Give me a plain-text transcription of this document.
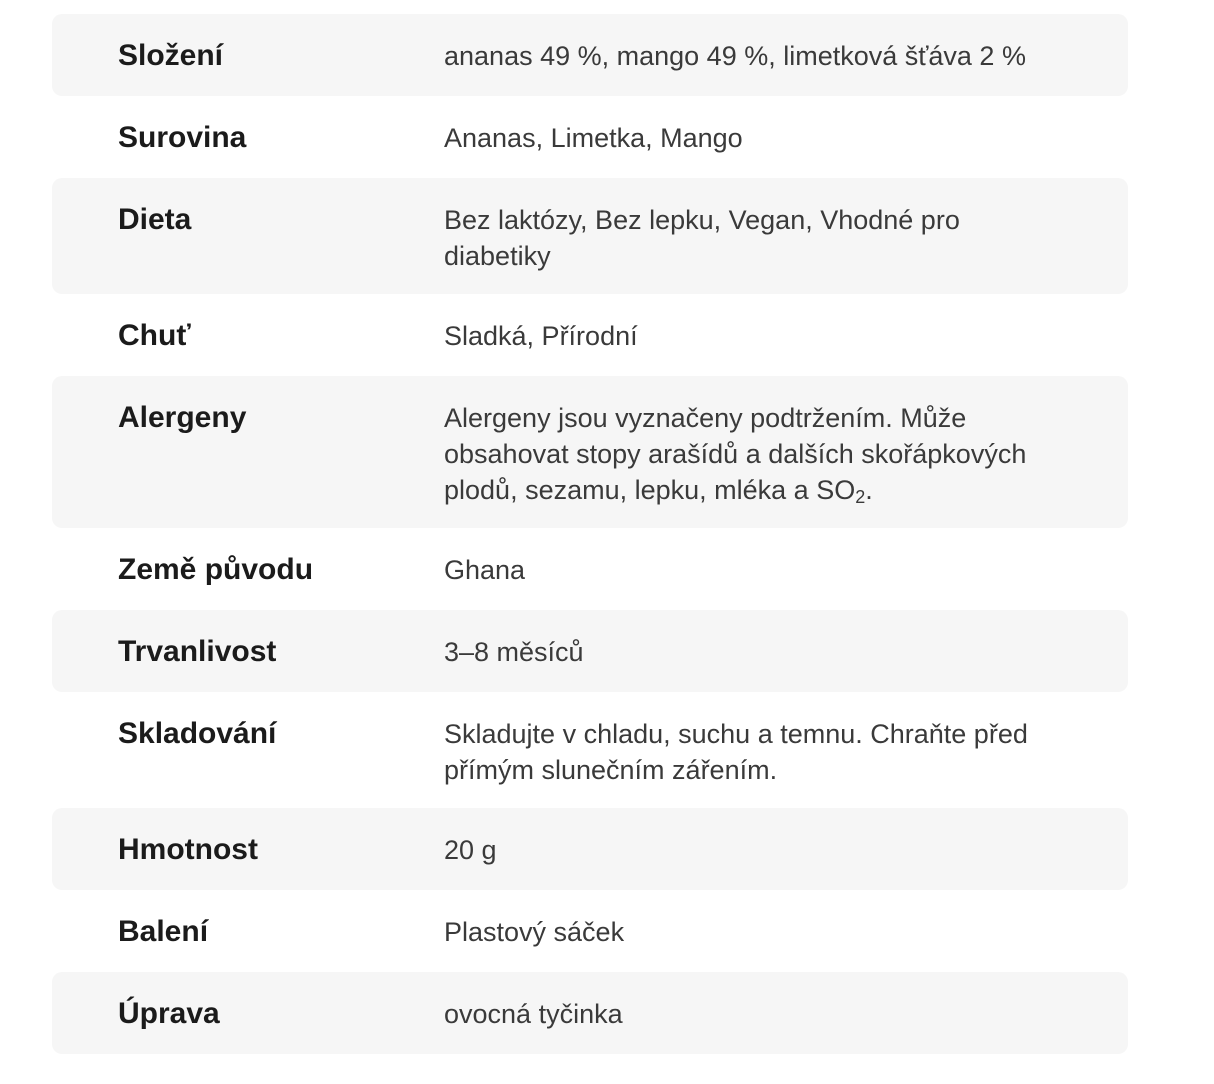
Složení	ananas 49 %, mango 49 %, limetková šťáva 2 %
Surovina	Ananas, Limetka, Mango
Dieta	Bez laktózy, Bez lepku, Vegan, Vhodné pro diabetiky
Chuť	Sladká, Přírodní
Alergeny	Alergeny jsou vyznačeny podtržením. Může obsahovat stopy arašídů a dalších skořápkových plodů, sezamu, lepku, mléka a $SO_2$.
Země původu	Ghana
Trvanlivost	3–8 měsíců
Skladování	Skladujte v chladu, suchu a temnu. Chraňte před přímým slunečním zářením.
Hmotnost	20 g
Balení	Plastový sáček
Úprava	ovocná tyčinka
